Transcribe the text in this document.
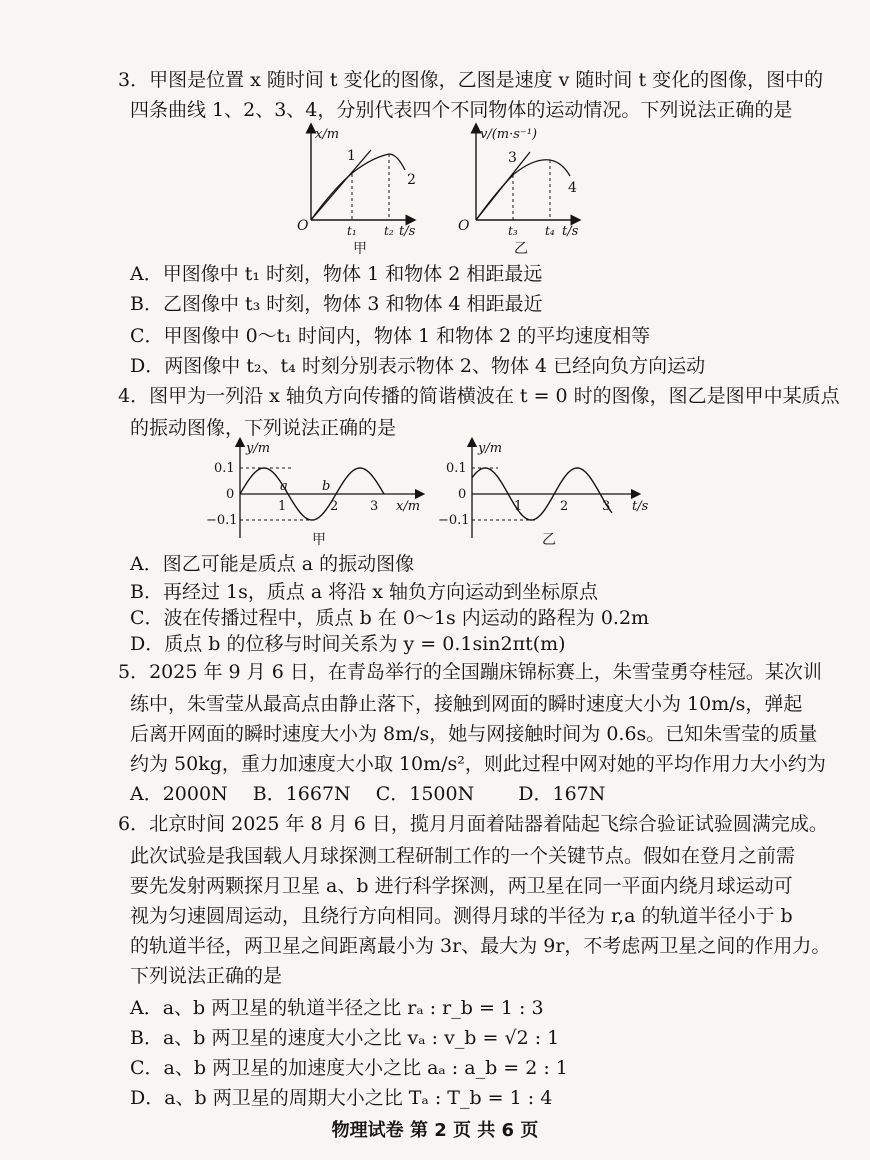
3．甲图是位置 x 随时间 t 变化的图像，乙图是速度 v 随时间 t 变化的图像，图中的
四条曲线 1、2、3、4，分别代表四个不同物体的运动情况。下列说法正确的是
x/m
t/s
O	t₁ t₂
1
2
甲
v/(m·s⁻¹)
t/s
O	t₃ t₄
3
4
乙
A．甲图像中 t₁ 时刻，物体 1 和物体 2 相距最远
B．乙图像中 t₃ 时刻，物体 3 和物体 4 相距最近
C．甲图像中 0～t₁ 时间内，物体 1 和物体 2 的平均速度相等
D．两图像中 t₂、t₄ 时刻分别表示物体 2、物体 4 已经向负方向运动
4．图甲为一列沿 x 轴负方向传播的简谐横波在 t = 0 时的图像，图乙是图甲中某质点
的振动图像，下列说法正确的是
y/m
x/m
0.1
0
−0.1
1	2 3
a	b
甲
y/m
t/s
0.1
0
−0.1
1	2	3
乙
A．图乙可能是质点 a 的振动图像
B．再经过 1s，质点 a 将沿 x 轴负方向运动到坐标原点
C．波在传播过程中，质点 b 在 0～1s 内运动的路程为 0.2m
D．质点 b 的位移与时间关系为 y = 0.1sin2πt(m)
5．2025 年 9 月 6 日，在青岛举行的全国蹦床锦标赛上，朱雪莹勇夺桂冠。某次训
练中，朱雪莹从最高点由静止落下，接触到网面的瞬时速度大小为 10m/s，弹起
后离开网面的瞬时速度大小为 8m/s，她与网接触时间为 0.6s。已知朱雪莹的质量
约为 50kg，重力加速度大小取 10m/s²，则此过程中网对她的平均作用力大小约为
A．2000N　 B．1667N　 C．1500N　　 D．167N
6．北京时间 2025 年 8 月 6 日，揽月月面着陆器着陆起飞综合验证试验圆满完成。
此次试验是我国载人月球探测工程研制工作的一个关键节点。假如在登月之前需
要先发射两颗探月卫星 a、b 进行科学探测，两卫星在同一平面内绕月球运动可
视为匀速圆周运动，且绕行方向相同。测得月球的半径为 r,a 的轨道半径小于 b
的轨道半径，两卫星之间距离最小为 3r、最大为 9r，不考虑两卫星之间的作用力。
下列说法正确的是
A．a、b 两卫星的轨道半径之比 rₐ : r_b = 1 : 3
B．a、b 两卫星的速度大小之比 vₐ : v_b = √2 : 1
C．a、b 两卫星的加速度大小之比 aₐ : a_b = 2 : 1
D．a、b 两卫星的周期大小之比 Tₐ : T_b = 1 : 4
物理试卷 第 2 页 共 6 页
